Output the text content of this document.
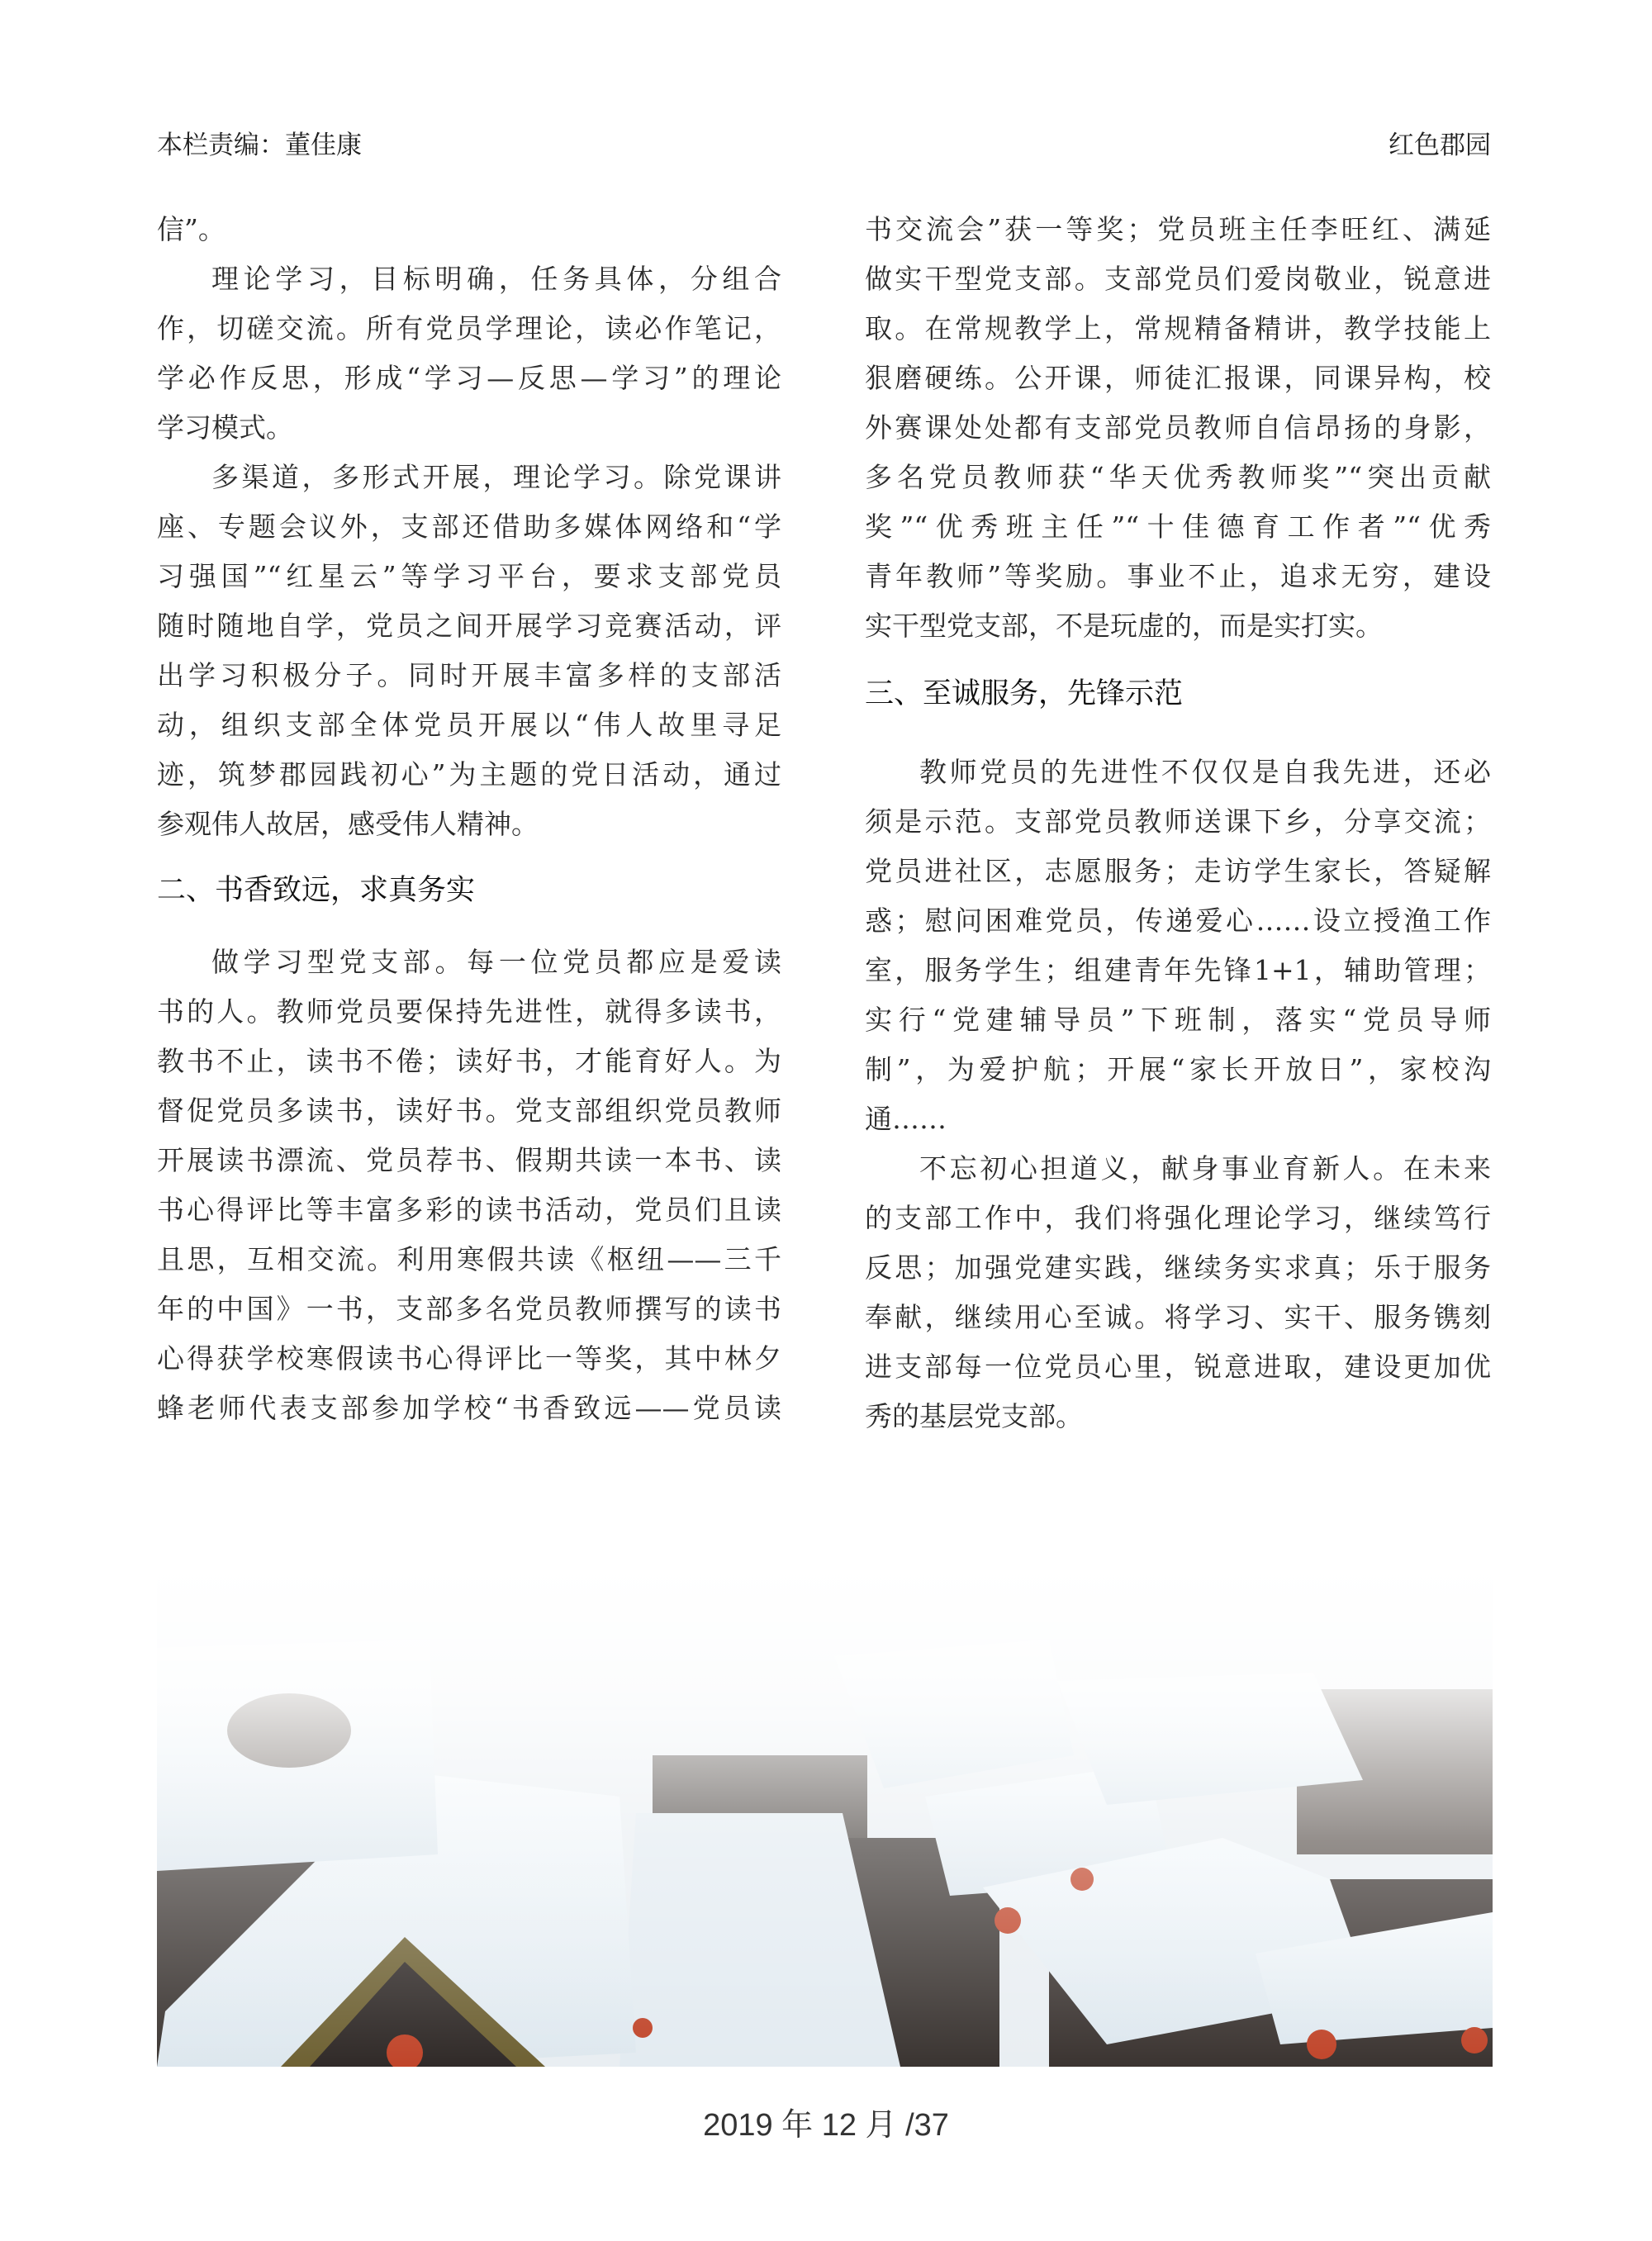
本栏责编：董佳康	红色郡园
信”。
理论学习，目标明确，任务具体，分组合
作，切磋交流。所有党员学理论，读必作笔记，
学必作反思，形成“学习—反思—学习”的理论
学习模式。
多渠道，多形式开展，理论学习。除党课讲
座、专题会议外，支部还借助多媒体网络和“学
习强国”“红星云”等学习平台，要求支部党员
随时随地自学，党员之间开展学习竞赛活动，评
出学习积极分子。同时开展丰富多样的支部活
动，组织支部全体党员开展以“伟人故里寻足
迹，筑梦郡园践初心”为主题的党日活动，通过
参观伟人故居，感受伟人精神。
二、书香致远，求真务实
做学习型党支部。每一位党员都应是爱读
书的人。教师党员要保持先进性，就得多读书，
教书不止，读书不倦；读好书，才能育好人。为
督促党员多读书，读好书。党支部组织党员教师
开展读书漂流、党员荐书、假期共读一本书、读
书心得评比等丰富多彩的读书活动，党员们且读
且思，互相交流。利用寒假共读《枢纽——三千
年的中国》一书，支部多名党员教师撰写的读书
心得获学校寒假读书心得评比一等奖，其中林夕
蜂老师代表支部参加学校“书香致远——党员读
书交流会”获一等奖；党员班主任李旺红、满延
做实干型党支部。支部党员们爱岗敬业，锐意进
取。在常规教学上，常规精备精讲，教学技能上
狠磨硬练。公开课，师徒汇报课，同课异构，校
外赛课处处都有支部党员教师自信昂扬的身影，
多名党员教师获“华天优秀教师奖”“突出贡献
奖”“优秀班主任”“十佳德育工作者”“优秀
青年教师”等奖励。事业不止，追求无穷，建设
实干型党支部，不是玩虚的，而是实打实。
三、至诚服务，先锋示范
教师党员的先进性不仅仅是自我先进，还必
须是示范。支部党员教师送课下乡，分享交流；
党员进社区，志愿服务；走访学生家长，答疑解
惑；慰问困难党员，传递爱心……设立授渔工作
室，服务学生；组建青年先锋1+1，辅助管理；
实行“党建辅导员”下班制，落实“党员导师
制”，为爱护航；开展“家长开放日”，家校沟
通……
不忘初心担道义，献身事业育新人。在未来
的支部工作中，我们将强化理论学习，继续笃行
反思；加强党建实践，继续务实求真；乐于服务
奉献，继续用心至诚。将学习、实干、服务镌刻
进支部每一位党员心里，锐意进取，建设更加优
秀的基层党支部。
2019 年 12 月 /37
